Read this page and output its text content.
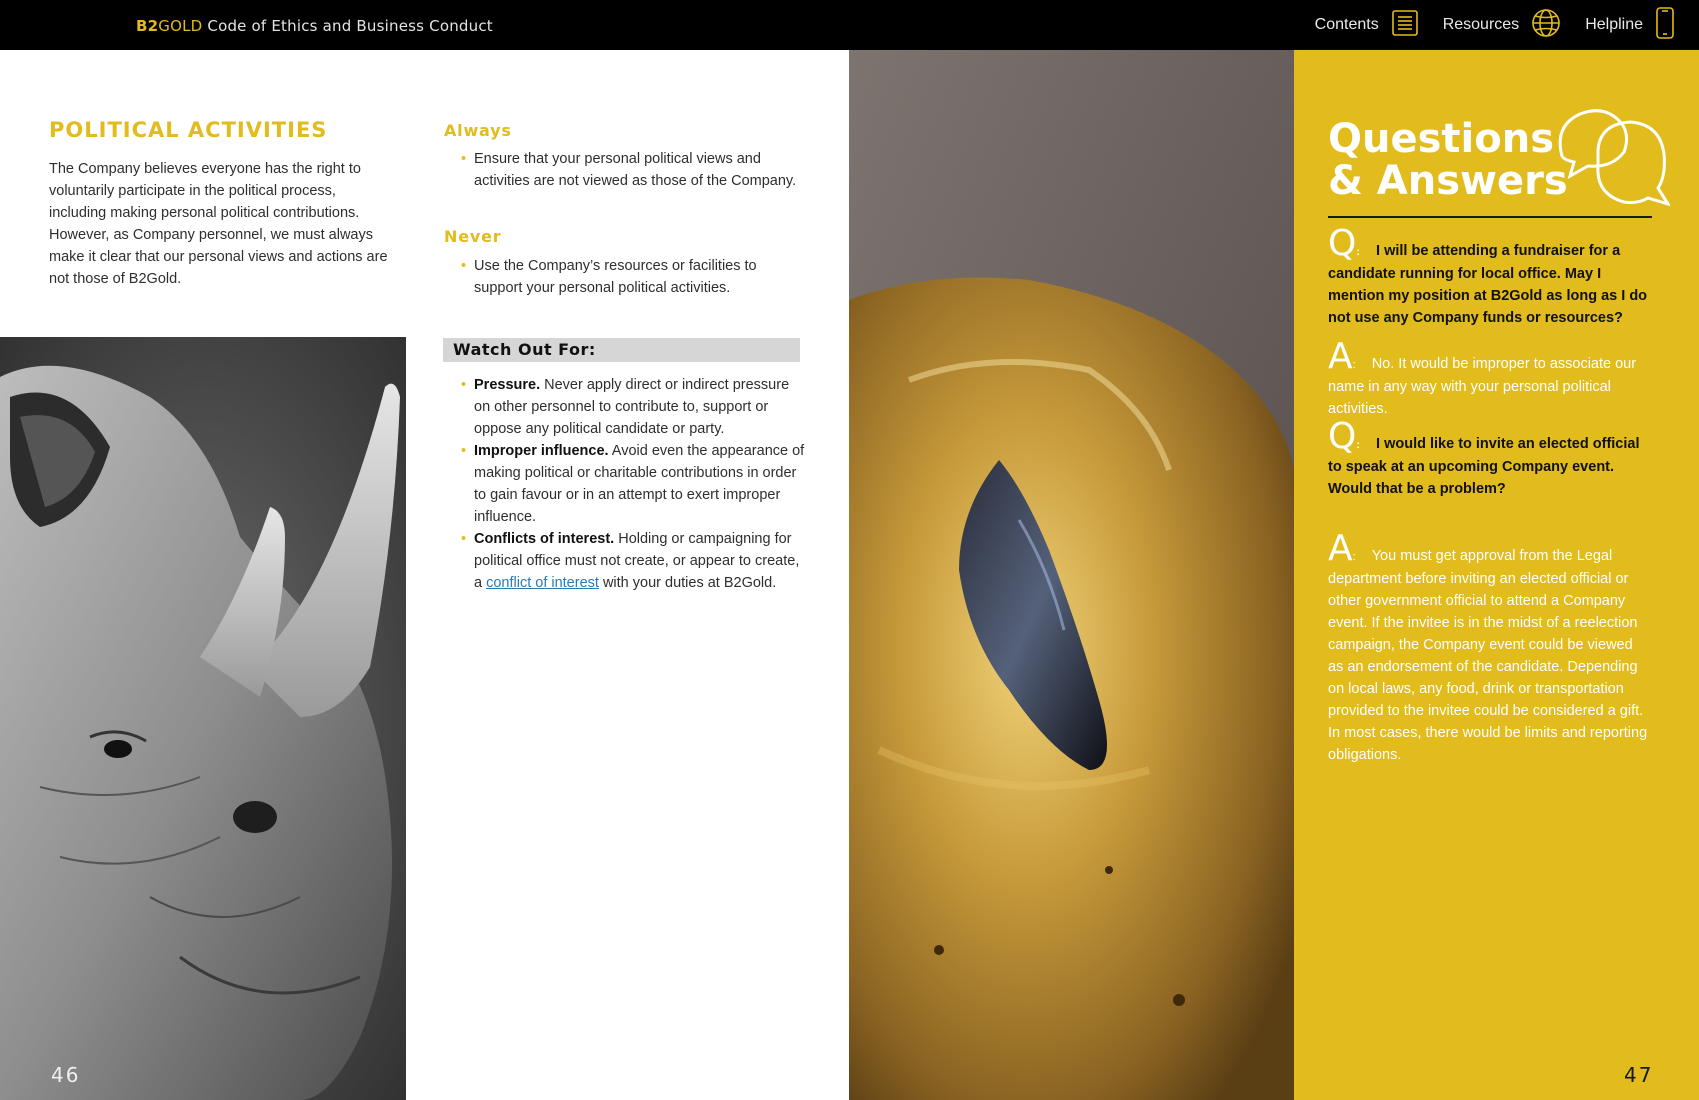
B2GOLD Code of Ethics and Business Conduct	Contents	Resources	Helpline
POLITICAL ACTIVITIES

The Company believes everyone has the right to voluntarily participate in the political process, including making personal political contributions. However, as Company personnel, we must always make it clear that our personal views and actions are not those of B2Gold.

Always
• Ensure that your personal political views and activities are not viewed as those of the Company.
Never
• Use the Company’s resources or facilities to support your personal political activities.
Watch Out For:
• Pressure. Never apply direct or indirect pressure on other personnel to contribute to, support or oppose any political candidate or party.
• Improper influence. Avoid even the appearance of making political or charitable contributions in order to gain favour or in an attempt to exert improper influence.
• Conflicts of interest. Holding or campaigning for political office must not create, or appear to create, a conflict of interest with your duties at B2Gold.
46
Questions
& Answers
Q: I will be attending a fundraiser for a candidate running for local office. May I mention my position at B2Gold as long as I do not use any Company funds or resources?
A: No. It would be improper to associate our name in any way with your personal political activities.
Q: I would like to invite an elected official to speak at an upcoming Company event. Would that be a problem?
A: You must get approval from the Legal department before inviting an elected official or other government official to attend a Company event. If the invitee is in the midst of a reelection campaign, the Company event could be viewed as an endorsement of the candidate. Depending on local laws, any food, drink or transportation provided to the invitee could be considered a gift. In most cases, there would be limits and reporting obligations.
47
